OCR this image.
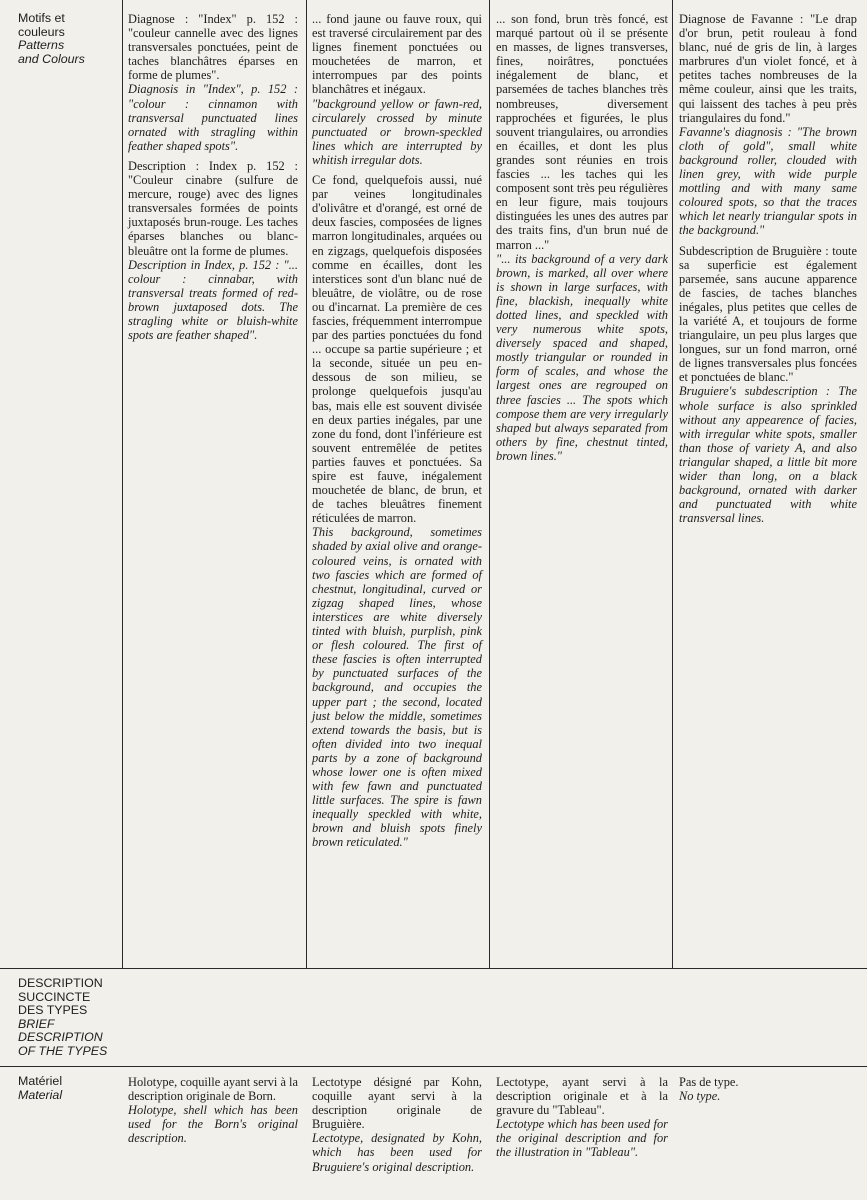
Motifs et

couleurs

Patterns

and Colours

Diagnose : "Index" p. 152 : "couleur cannelle avec des lignes transversales ponctuées, peint de taches blanchâtres éparses en forme de plumes".

Diagnosis in "Index", p. 152 : "colour : cinnamon with transversal punctuated lines ornated with stragling within feather shaped spots".

Description : Index p. 152 : "Couleur cinabre (sulfure de mercure, rouge) avec des lignes transversales formées de points juxtaposés brun-rouge. Les taches éparses blanches ou blanc-bleuâtre ont la forme de plumes.

Description in Index, p. 152 : "... colour : cinnabar, with transversal treats formed of red-brown juxtaposed dots. The stragling white or bluish-white spots are feather shaped".

... fond jaune ou fauve roux, qui est traversé circulairement par des lignes finement ponctuées ou mouchetées de marron, et interrompues par des points blanchâtres et inégaux.

"background yellow or fawn-red, circularely crossed by minute punctuated or brown-speckled lines which are interrupted by whitish irregular dots.

Ce fond, quelquefois aussi, nué par veines longitudinales d'olivâtre et d'orangé, est orné de deux fascies, composées de lignes marron longitudinales, arquées ou en zigzags, quelquefois disposées comme en écailles, dont les interstices sont d'un blanc nué de bleuâtre, de violâtre, ou de rose ou d'incarnat. La première de ces fascies, fréquemment interrompue par des parties ponctuées du fond ... occupe sa partie supérieure ; et la seconde, située un peu en-dessous de son milieu, se prolonge quelquefois jusqu'au bas, mais elle est souvent divisée en deux parties inégales, par une zone du fond, dont l'inférieure est souvent entremêlée de petites parties fauves et ponctuées. Sa spire est fauve, inégalement mouchetée de blanc, de brun, et de taches bleuâtres finement réticulées de marron.

This background, sometimes shaded by axial olive and orange-coloured veins, is ornated with two fascies which are formed of chestnut, longitudinal, curved or zigzag shaped lines, whose interstices are white diversely tinted with bluish, purplish, pink or flesh coloured. The first of these fascies is often interrupted by punctuated surfaces of the background, and occupies the upper part ; the second, located just below the middle, sometimes extend towards the basis, but is often divided into two inequal parts by a zone of background whose lower one is often mixed with few fawn and punctuated little surfaces. The spire is fawn inequally speckled with white, brown and bluish spots finely brown reticulated."

... son fond, brun très foncé, est marqué partout où il se présente en masses, de lignes transverses, fines, noirâtres, ponctuées inégalement de blanc, et parsemées de taches blanches très nombreuses, diversement rapprochées et figurées, le plus souvent triangulaires, ou arrondies en écailles, et dont les plus grandes sont réunies en trois fascies ... les taches qui les composent sont très peu régulières en leur figure, mais toujours distinguées les unes des autres par des traits fins, d'un brun nué de marron ..."

"... its background of a very dark brown, is marked, all over where is shown in large surfaces, with fine, blackish, inequally white dotted lines, and speckled with very numerous white spots, diversely spaced and shaped, mostly triangular or rounded in form of scales, and whose the largest ones are regrouped on three fascies ... The spots which compose them are very irregularly shaped but always separated from others by fine, chestnut tinted, brown lines."

Diagnose de Favanne : "Le drap d'or brun, petit rouleau à fond blanc, nué de gris de lin, à larges marbrures d'un violet foncé, et à petites taches nombreuses de la même couleur, ainsi que les traits, qui laissent des taches à peu près triangulaires du fond."

Favanne's diagnosis : "The brown cloth of gold", small white background roller, clouded with linen grey, with wide purple mottling and with many same coloured spots, so that the traces which let nearly triangular spots in the background."

Subdescription de Bruguière : toute sa superficie est également parsemée, sans aucune apparence de fascies, de taches blanches inégales, plus petites que celles de la variété A, et toujours de forme triangulaire, un peu plus larges que longues, sur un fond marron, orné de lignes transversales plus foncées et ponctuées de blanc."

Bruguiere's subdescription : The whole surface is also sprinkled without any appearence of facies, with irregular white spots, smaller than those of variety A, and also triangular shaped, a little bit more wider than long, on a black background, ornated with darker and punctuated with white transversal lines.

DESCRIPTION

SUCCINCTE

DES TYPES

BRIEF

DESCRIPTION

OF THE TYPES

Matériel

Material

Holotype, coquille ayant servi à la description originale de Born.

Holotype, shell which has been used for the Born's original description.

Lectotype désigné par Kohn, coquille ayant servi à la description originale de Bruguière.

Lectotype, designated by Kohn, which has been used for Bruguiere's original description.

Lectotype, ayant servi à la description originale et à la gravure du "Tableau".

Lectotype which has been used for the original description and for the illustration in "Tableau".

Pas de type.

No type.
